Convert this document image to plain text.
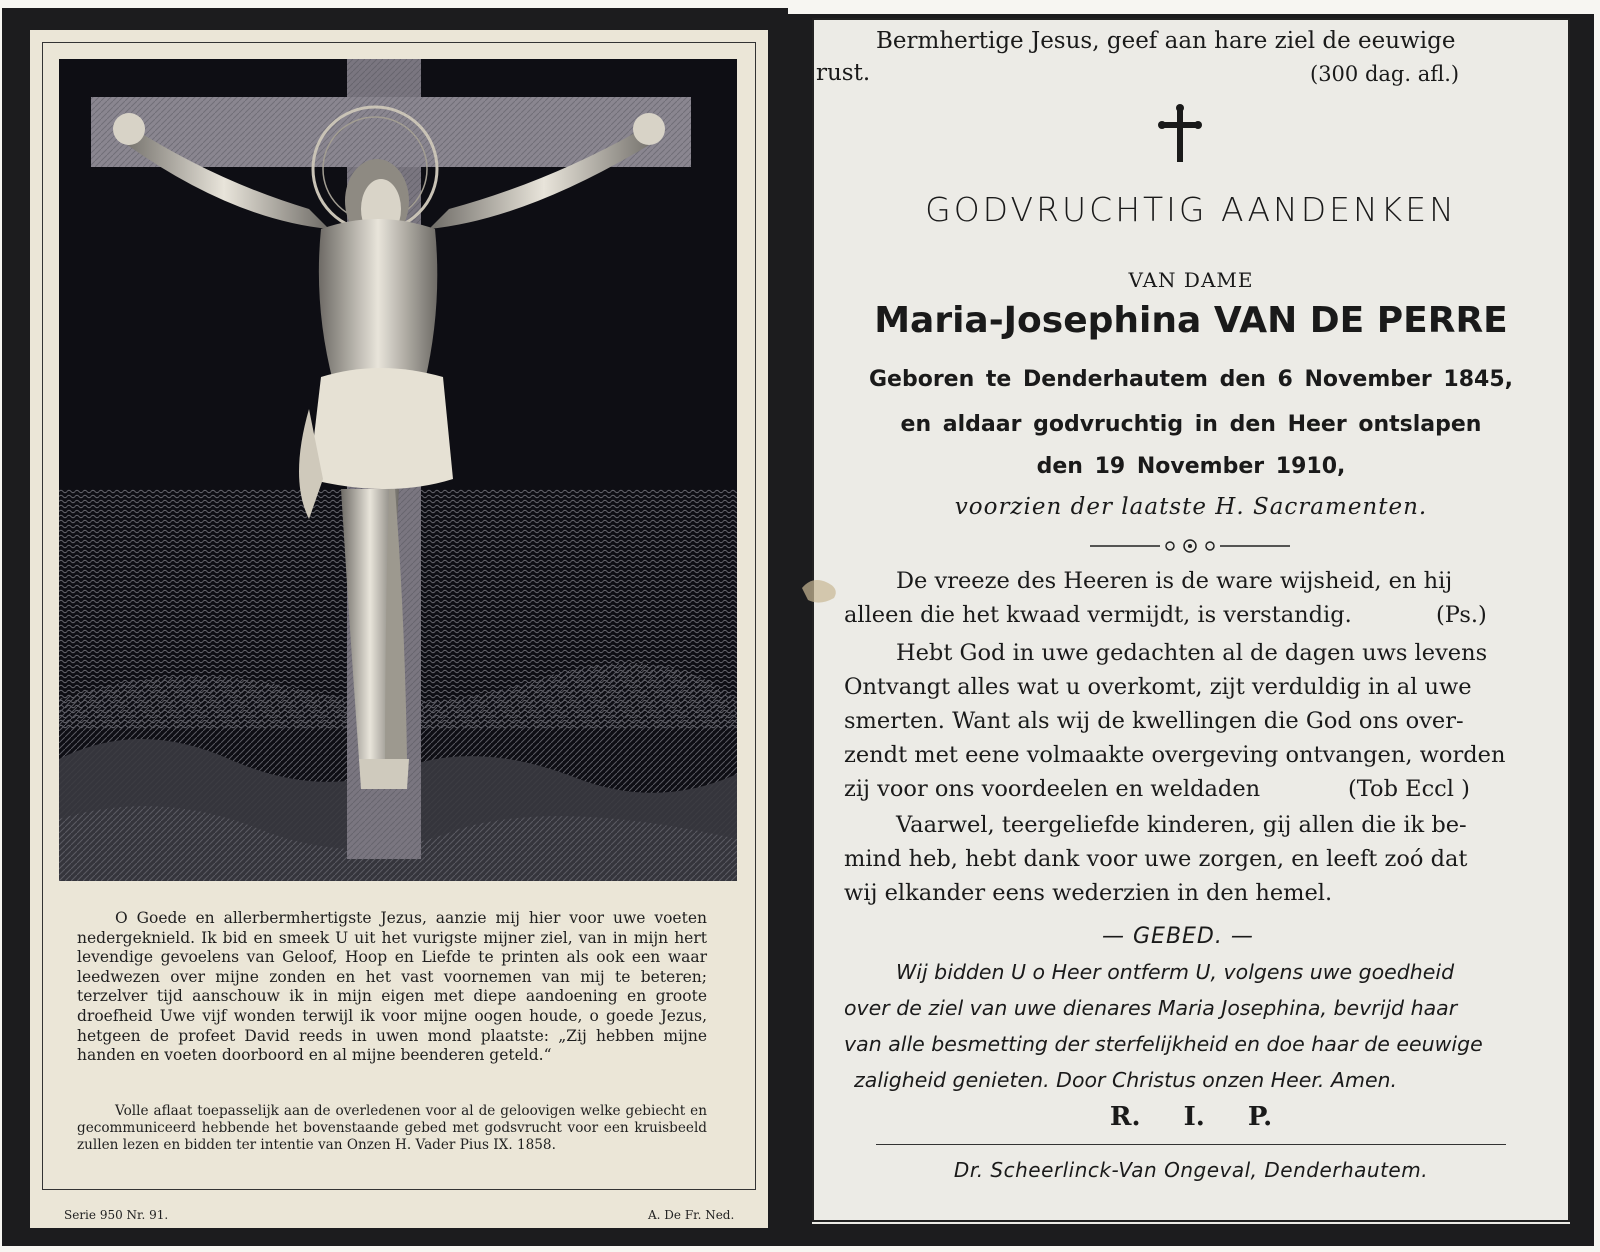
O Goede en allerbermhertigste Jezus, aanzie mij hier voor uwe voeten nedergeknield. Ik bid en smeek U uit het vurigste mijner ziel, van in mijn hert levendige gevoelens van Geloof, Hoop en Liefde te printen als ook een waar leedwezen over mijne zonden en het vast voornemen van mij te beteren; terzelver tijd aanschouw ik in mijn eigen met diepe aandoening en groote droefheid Uwe vijf wonden terwijl ik voor mijne oogen houde, o goede Jezus, hetgeen de profeet David reeds in uwen mond plaatste: „Zij hebben mijne handen en voeten doorboord en al mijne beenderen geteld.“
Volle aflaat toepasselijk aan de overledenen voor al de geloovigen welke gebiecht en gecommuniceerd hebbende het bovenstaande gebed met godsvrucht voor een kruisbeeld zullen lezen en bidden ter intentie van Onzen H. Vader Pius IX. 1858.
Serie 950 Nr. 91.	A. De Fr. Ned.
Bermhertige Jesus, geef aan hare ziel de eeuwige
rust.	(300 dag. afl.)
GODVRUCHTIG AANDENKEN
VAN DAME
Maria-Josephina VAN DE PERRE
Geboren te Denderhautem den 6 November 1845,
en aldaar godvruchtig in den Heer ontslapen
den 19 November 1910,
voorzien der laatste H. Sacramenten.
De vreeze des Heeren is de ware wijsheid, en hij
alleen die het kwaad vermijdt, is verstandig.	(Ps.)
Hebt God in uwe gedachten al de dagen uws levens
Ontvangt alles wat u overkomt, zijt verduldig in al uwe
smerten. Want als wij de kwellingen die God ons over-
zendt met eene volmaakte overgeving ontvangen, worden
zij voor ons voordeelen en weldaden	(Tob Eccl )
Vaarwel, teergeliefde kinderen, gij allen die ik be-
mind heb, hebt dank voor uwe zorgen, en leeft zoó dat
wij elkander eens wederzien in den hemel.
— GEBED. —
Wij bidden U o Heer ontferm U, volgens uwe goedheid
over de ziel van uwe dienares Maria Josephina, bevrijd haar
van alle besmetting der sterfelijkheid en doe haar de eeuwige
zaligheid genieten. Door Christus onzen Heer. Amen.
R. I. P.
Dr. Scheerlinck-Van Ongeval, Denderhautem.
